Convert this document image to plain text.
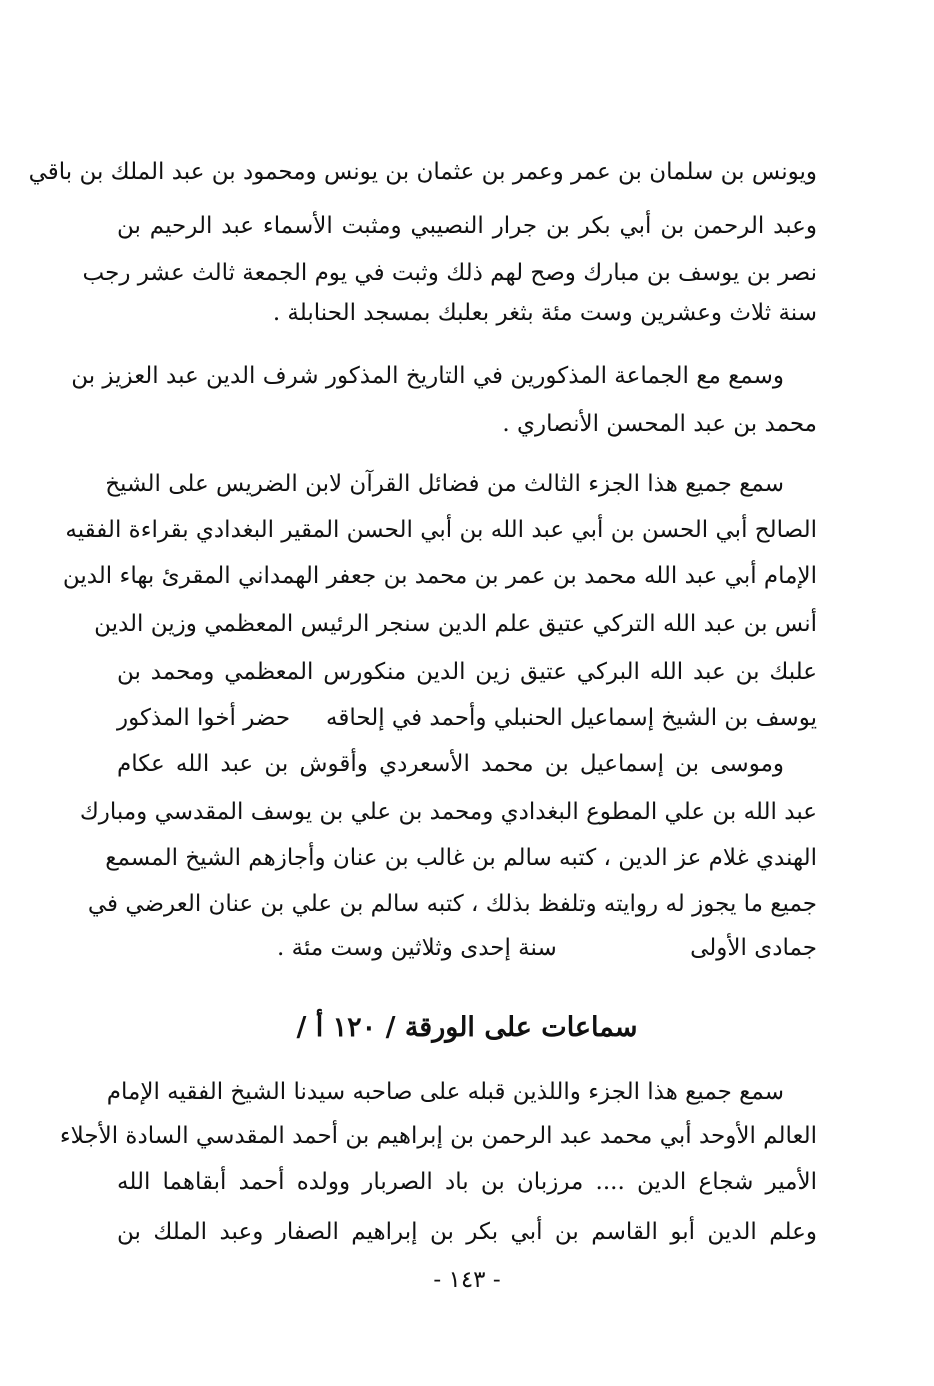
ويونس بن سلمان بن عمر وعمر بن عثمان بن يونس ومحمود بن عبد الملك بن باقي
وعبد الرحمن بن أبي بكر بن جرار النصيبي ومثبت الأسماء عبد الرحيم بن
نصر بن يوسف بن مبارك وصح لهم ذلك وثبت في يوم الجمعة ثالث عشر رجب
سنة ثلاث وعشرين وست مئة بثغر بعلبك بمسجد الحنابلة .
وسمع مع الجماعة المذكورين في التاريخ المذكور شرف الدين عبد العزيز بن
محمد بن عبد المحسن الأنصاري .
سمع جميع هذا الجزء الثالث من فضائل القرآن لابن الضريس على الشيخ
الصالح أبي الحسن بن أبي عبد الله بن أبي الحسن المقير البغدادي بقراءة الفقيه
الإمام أبي عبد الله محمد بن عمر بن محمد بن جعفر الهمداني المقرئ بهاء الدين
أنس بن عبد الله التركي عتيق علم الدين سنجر الرئيس المعظمي وزين الدين
علبك بن عبد الله البركي عتيق زين الدين منكورس المعظمي ومحمد بن
يوسف بن الشيخ إسماعيل الحنبلي وأحمد في إلحاقه
حضر أخوا المذكور
وموسى بن إسماعيل بن محمد الأسعردي وأقوش بن عبد الله عكام
عبد الله بن علي المطوع البغدادي ومحمد بن علي بن يوسف المقدسي ومبارك
الهندي غلام عز الدين ، كتبه سالم بن غالب بن عنان وأجازهم الشيخ المسمع
جميع ما يجوز له روايته وتلفظ بذلك ، كتبه سالم بن علي بن عنان العرضي في
جمادى الأولى
سنة إحدى وثلاثين وست مئة .
سماعات على الورقة / ١٢٠ أ /
سمع جميع هذا الجزء واللذين قبله على صاحبه سيدنا الشيخ الفقيه الإمام
العالم الأوحد أبي محمد عبد الرحمن بن إبراهيم بن أحمد المقدسي السادة الأجلاء
الأمير شجاع الدين .... مرزبان بن باد الصربار وولده أحمد أبقاهما الله
وعلم الدين أبو القاسم بن أبي بكر بن إبراهيم الصفار وعبد الملك بن
- ١٤٣ -
